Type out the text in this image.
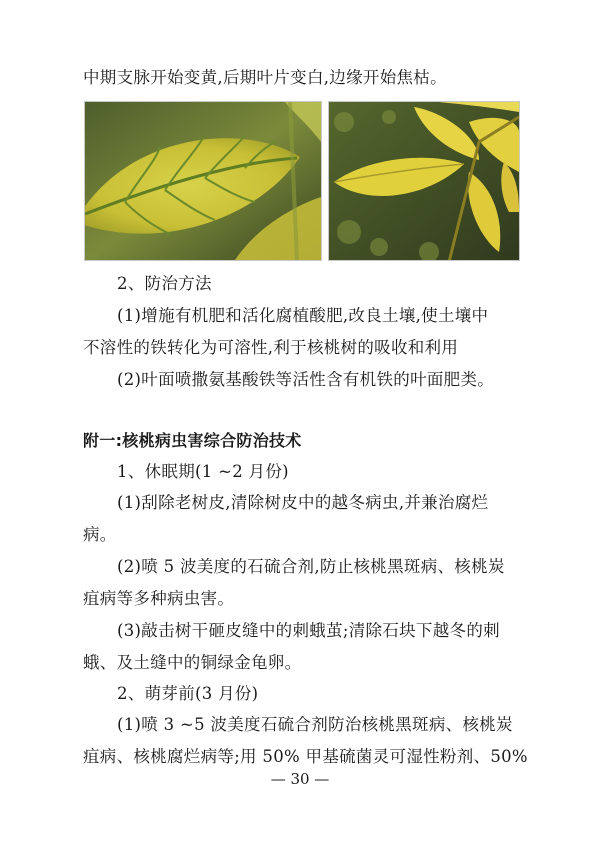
中期支脉开始变黄,后期叶片变白,边缘开始焦枯。
2、防治方法
(1)增施有机肥和活化腐植酸肥,改良土壤,使土壤中
不溶性的铁转化为可溶性,利于核桃树的吸收和利用
(2)叶面喷撒氨基酸铁等活性含有机铁的叶面肥类。
附一:核桃病虫害综合防治技术
1、休眠期(1 ~2 月份)
(1)刮除老树皮,清除树皮中的越冬病虫,并兼治腐烂
病。
(2)喷 5 波美度的石硫合剂,防止核桃黑斑病、核桃炭
疽病等多种病虫害。
(3)敲击树干砸皮缝中的刺蛾茧;清除石块下越冬的刺
蛾、及土缝中的铜绿金龟卵。
2、萌芽前(3 月份)
(1)喷 3 ~5 波美度石硫合剂防治核桃黑斑病、核桃炭
疽病、核桃腐烂病等;用 50% 甲基硫菌灵可湿性粉剂、50%
— 30 —
